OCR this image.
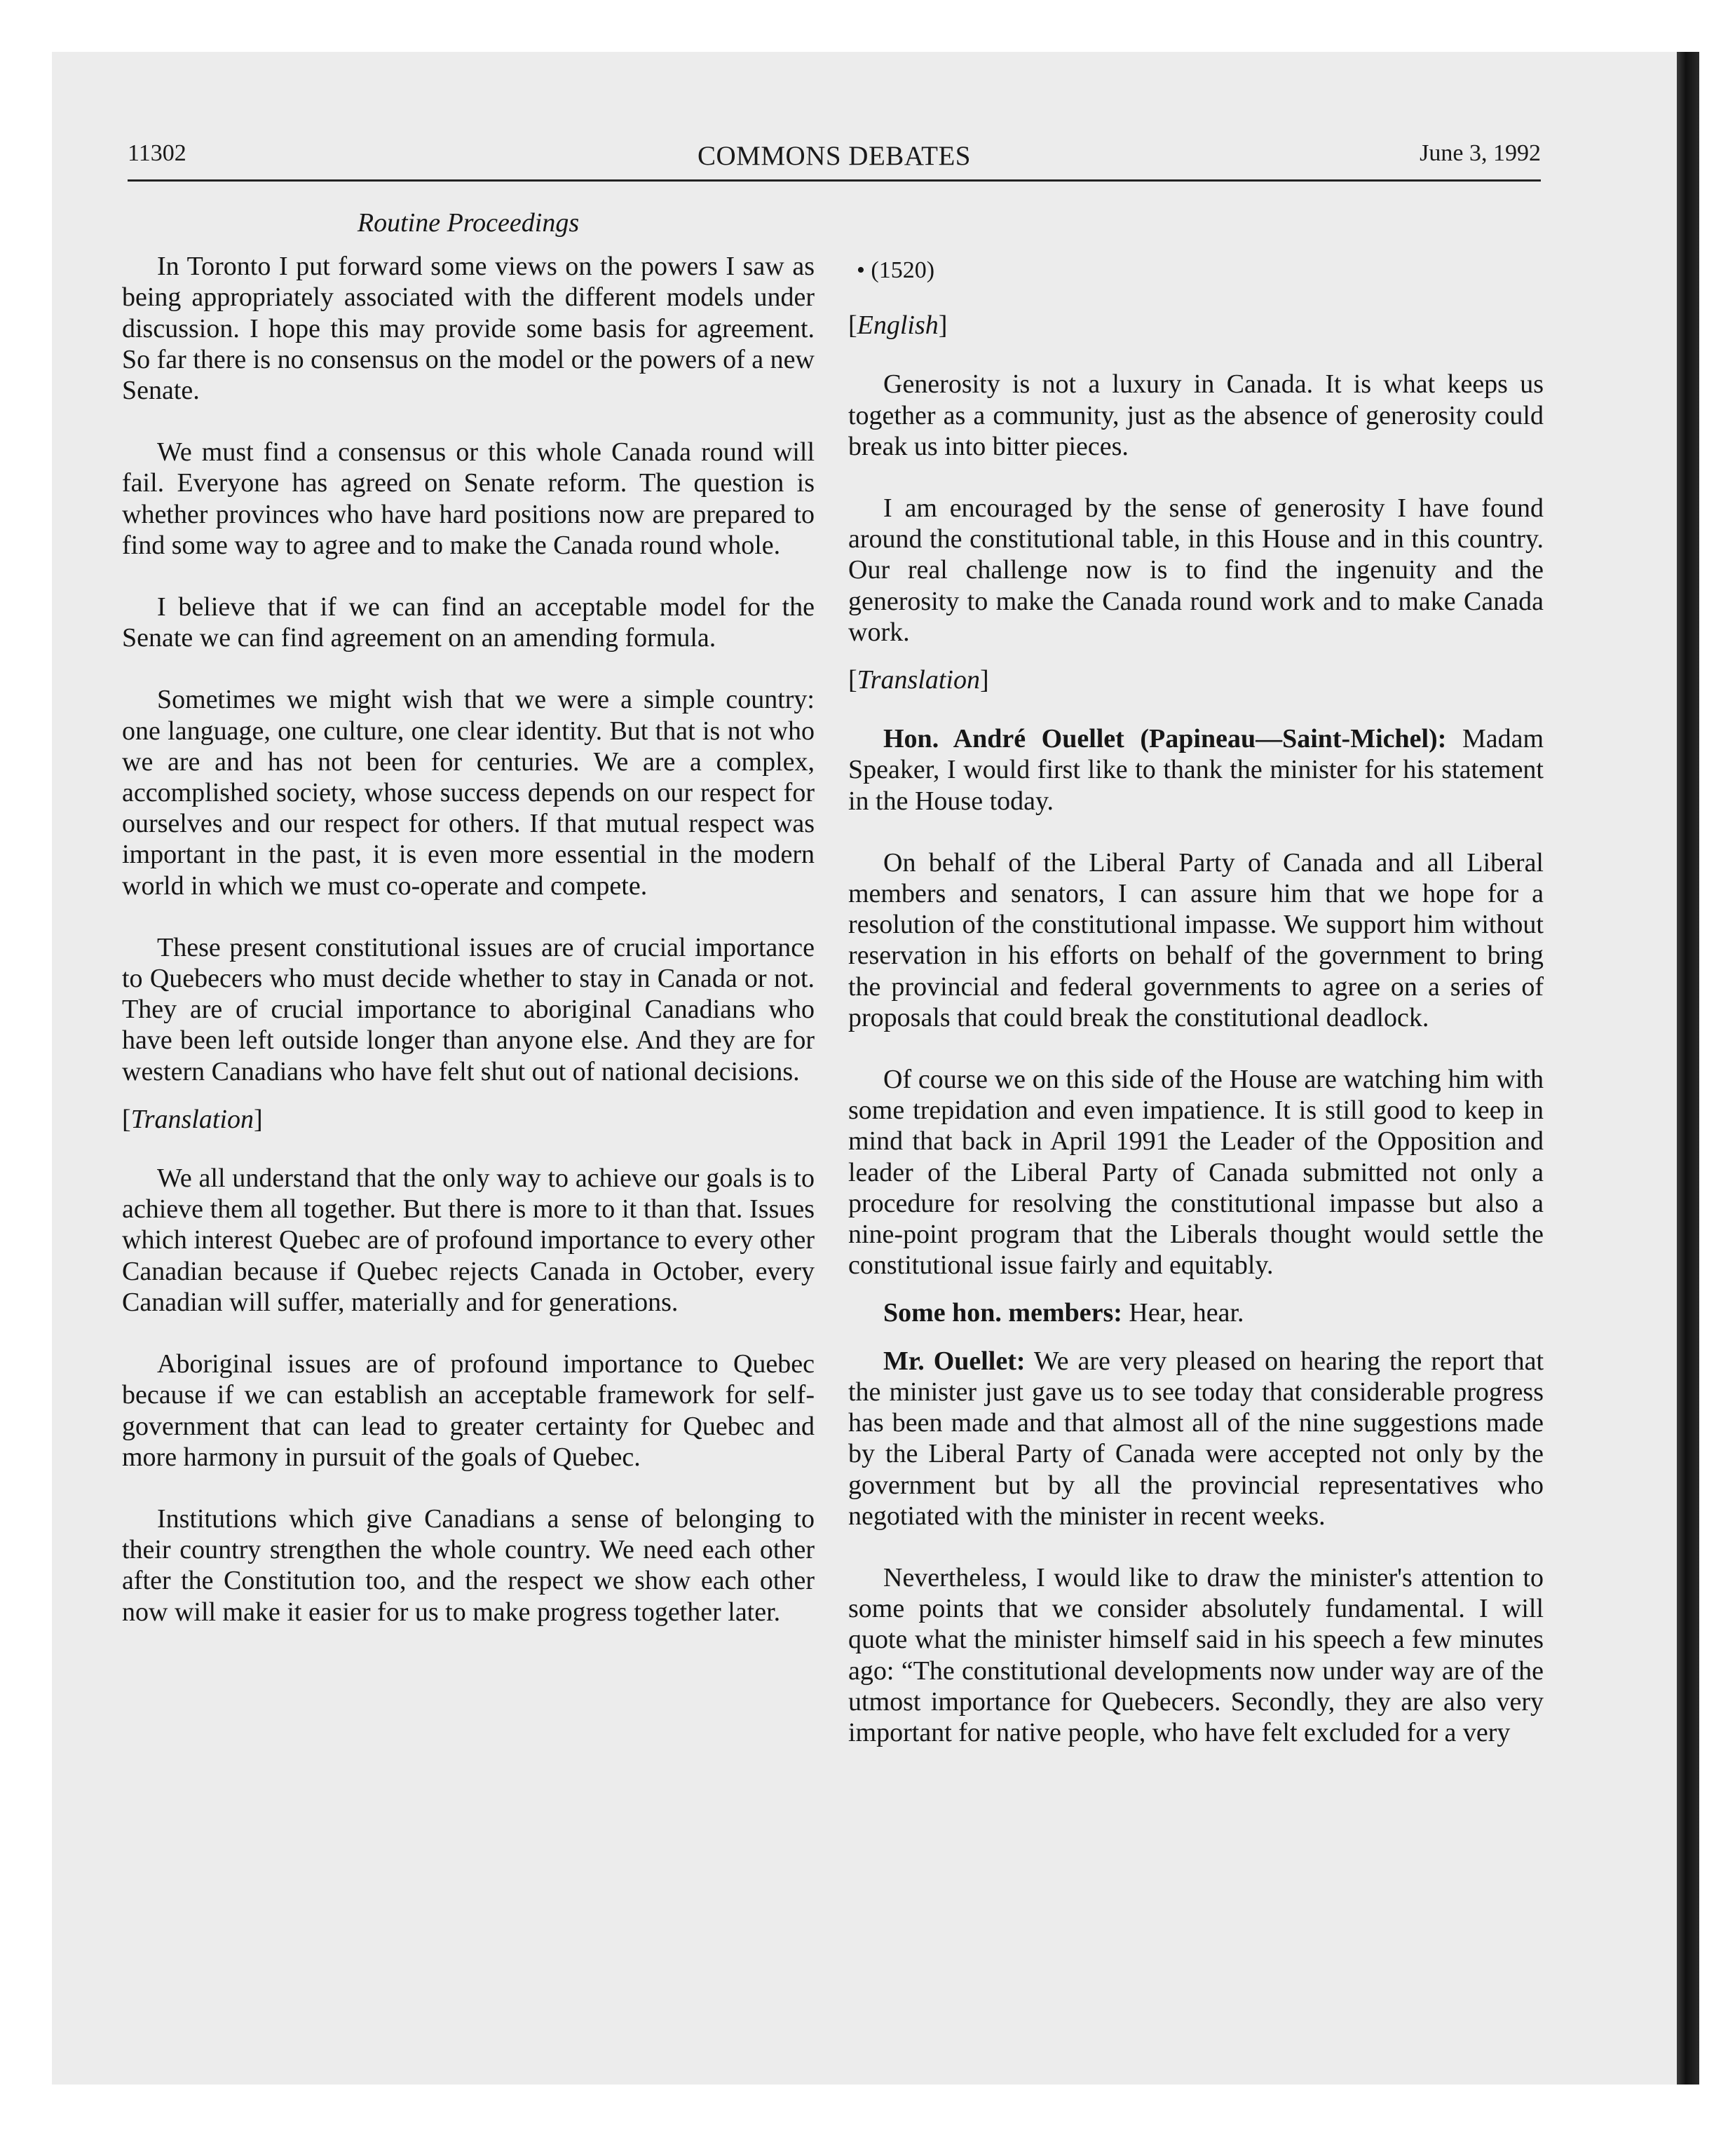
11302	COMMONS DEBATES	June 3, 1992

Routine Proceedings

In Toronto I put forward some views on the powers I saw as being appropriately associated with the different models under discussion. I hope this may provide some basis for agreement. So far there is no consensus on the model or the powers of a new Senate.

We must find a consensus or this whole Canada round will fail. Everyone has agreed on Senate reform. The question is whether provinces who have hard positions now are prepared to find some way to agree and to make the Canada round whole.

I believe that if we can find an acceptable model for the Senate we can find agreement on an amending formula.

Sometimes we might wish that we were a simple country: one language, one culture, one clear identity. But that is not who we are and has not been for centuries. We are a complex, accomplished society, whose success depends on our respect for ourselves and our respect for others. If that mutual respect was important in the past, it is even more essential in the modern world in which we must co-operate and compete.

These present constitutional issues are of crucial importance to Quebecers who must decide whether to stay in Canada or not. They are of crucial importance to aboriginal Canadians who have been left outside longer than anyone else. And they are for western Canadians who have felt shut out of national decisions.

[Translation]

We all understand that the only way to achieve our goals is to achieve them all together. But there is more to it than that. Issues which interest Quebec are of profound importance to every other Canadian because if Quebec rejects Canada in October, every Canadian will suffer, materially and for generations.

Aboriginal issues are of profound importance to Quebec because if we can establish an acceptable framework for self-government that can lead to greater certainty for Quebec and more harmony in pursuit of the goals of Quebec.

Institutions which give Canadians a sense of belonging to their country strengthen the whole country. We need each other after the Constitution too, and the respect we show each other now will make it easier for us to make progress together later.

• (1520)

[English]

Generosity is not a luxury in Canada. It is what keeps us together as a community, just as the absence of generosity could break us into bitter pieces.

I am encouraged by the sense of generosity I have found around the constitutional table, in this House and in this country. Our real challenge now is to find the ingenuity and the generosity to make the Canada round work and to make Canada work.

[Translation]

Hon. André Ouellet (Papineau—Saint-Michel): Madam Speaker, I would first like to thank the minister for his statement in the House today.

On behalf of the Liberal Party of Canada and all Liberal members and senators, I can assure him that we hope for a resolution of the constitutional impasse. We support him without reservation in his efforts on behalf of the government to bring the provincial and federal governments to agree on a series of proposals that could break the constitutional deadlock.

Of course we on this side of the House are watching him with some trepidation and even impatience. It is still good to keep in mind that back in April 1991 the Leader of the Opposition and leader of the Liberal Party of Canada submitted not only a procedure for resolving the constitutional impasse but also a nine-point program that the Liberals thought would settle the constitutional issue fairly and equitably.

Some hon. members: Hear, hear.

Mr. Ouellet: We are very pleased on hearing the report that the minister just gave us to see today that considerable progress has been made and that almost all of the nine suggestions made by the Liberal Party of Canada were accepted not only by the government but by all the provincial representatives who negotiated with the minister in recent weeks.

Nevertheless, I would like to draw the minister's attention to some points that we consider absolutely fundamental. I will quote what the minister himself said in his speech a few minutes ago: “The constitutional developments now under way are of the utmost importance for Quebecers. Secondly, they are also very important for native people, who have felt excluded for a very
